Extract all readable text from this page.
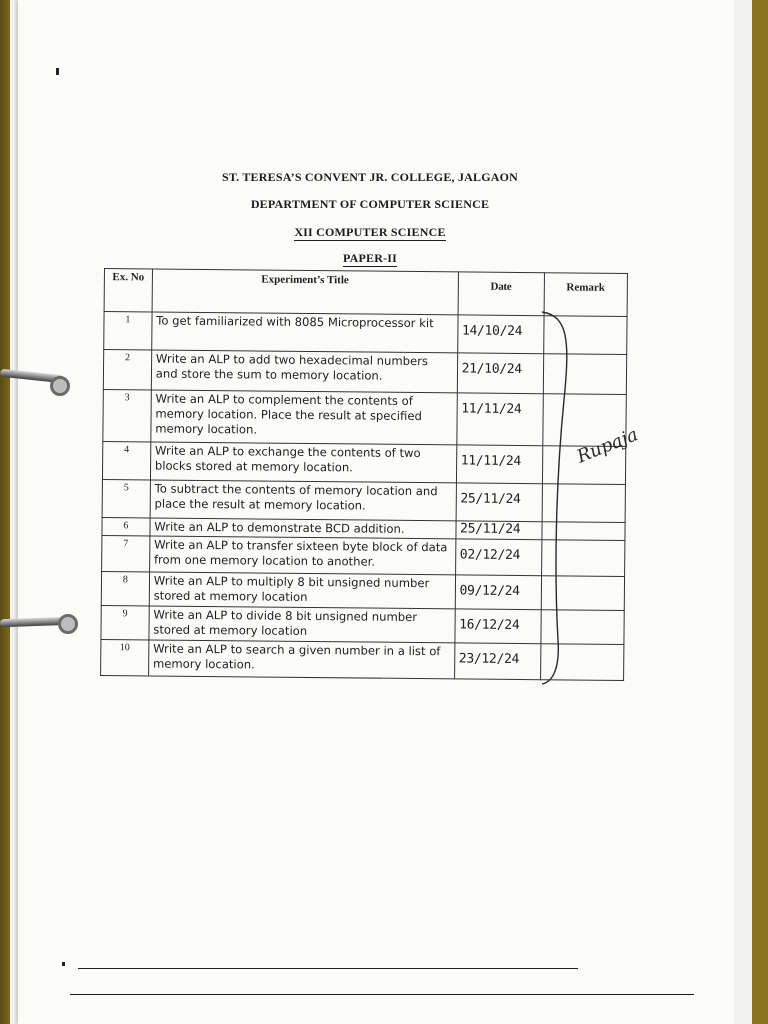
ST. TERESA’S CONVENT JR. COLLEGE, JALGAON
DEPARTMENT OF COMPUTER SCIENCE
XII COMPUTER SCIENCE
PAPER-II
Ex. No	Experiment’s Title	Date	Remark
1	To get familiarized with 8085 Microprocessor kit	14/10/24	
2	Write an ALP to add two hexadecimal numbers and store the sum to memory location.	21/10/24	
3	Write an ALP to complement the contents of memory location. Place the result at specified memory location.	11/11/24	
4	Write an ALP to exchange the contents of two blocks stored at memory location.	11/11/24	
5	To subtract the contents of memory location and place the result at memory location.	25/11/24	
6	Write an ALP to demonstrate BCD addition.	25/11/24	
7	Write an ALP to transfer sixteen byte block of data from one memory location to another.	02/12/24	
8	Write an ALP to multiply 8 bit unsigned number stored at memory location	09/12/24	
9	Write an ALP to divide 8 bit unsigned number stored at memory location	16/12/24	
10	Write an ALP to search a given number in a list of memory location.	23/12/24	
Rupaja
